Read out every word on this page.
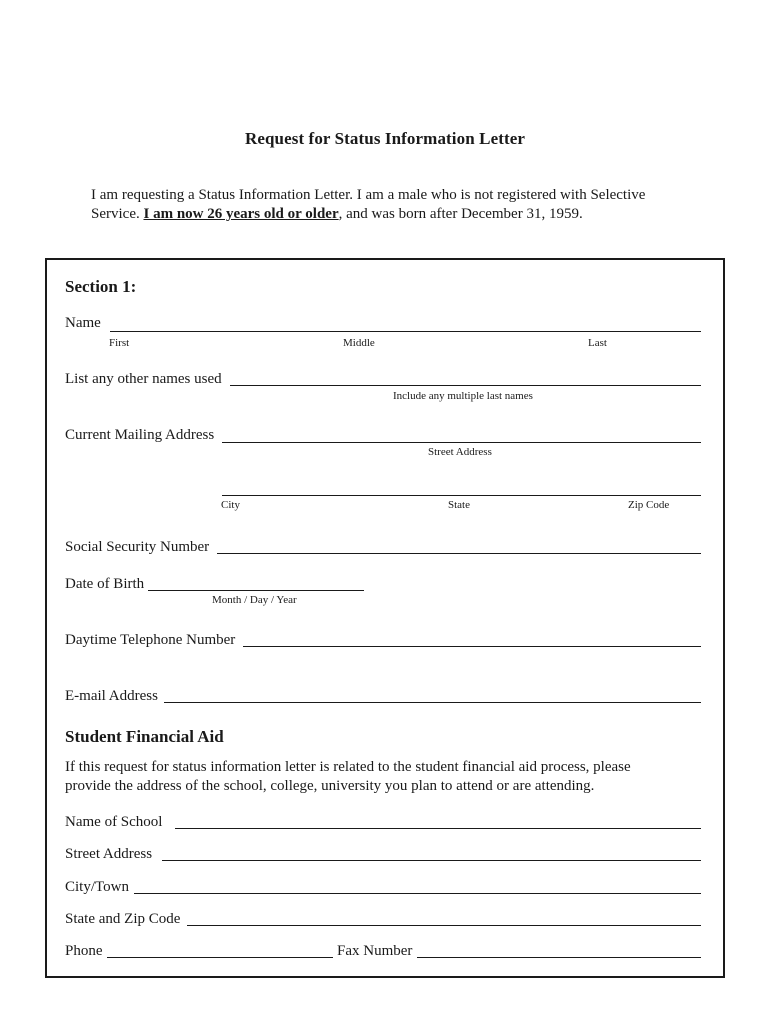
Request for Status Information Letter
I am requesting a Status Information Letter. I am a male who is not registered with Selective Service. I am now 26 years old or older, and was born after December 31, 1959.
Section 1:
Name
First	Middle	Last
List any other names used
Include any multiple last names
Current Mailing Address
Street Address
City	State	Zip Code
Social Security Number
Date of Birth
Month / Day / Year
Daytime Telephone Number
E-mail Address
Student Financial Aid
If this request for status information letter is related to the student financial aid process, please provide the address of the school, college, university you plan to attend or are attending.
Name of School
Street Address
City/Town
State and Zip Code
Phone	Fax Number
